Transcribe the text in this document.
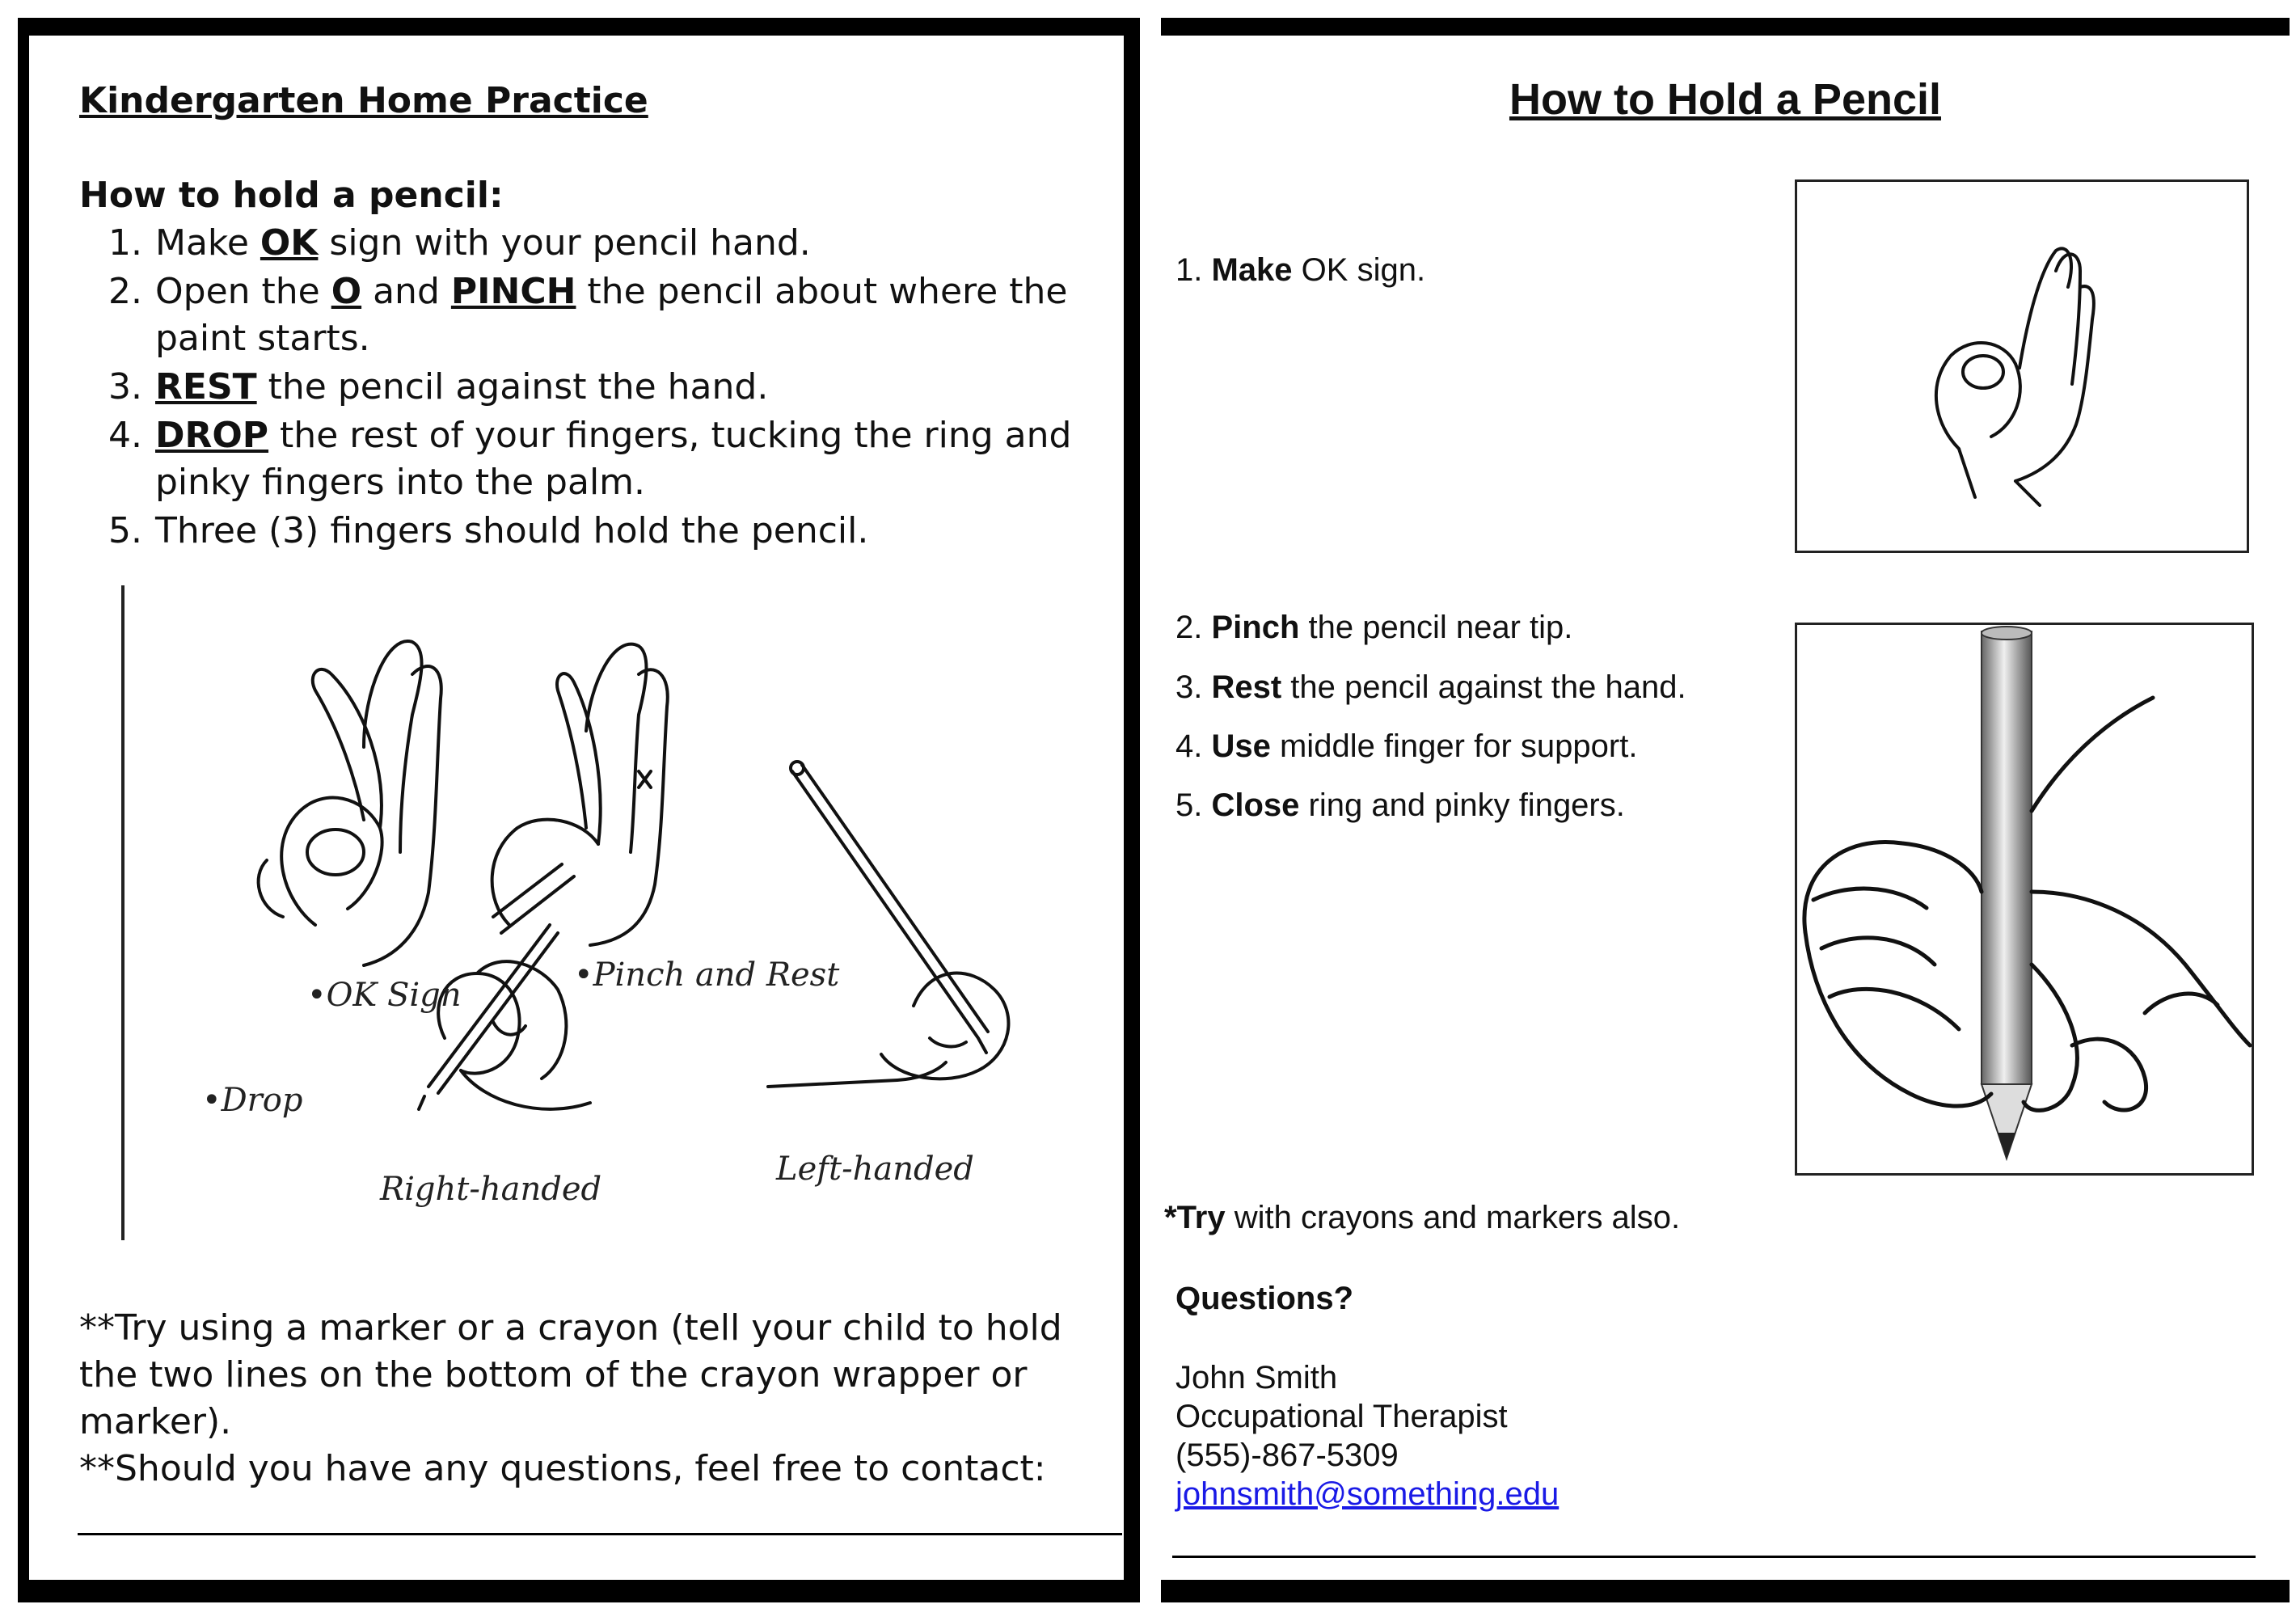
Kindergarten Home Practice
How to hold a pencil:
1. Make OK sign with your pencil hand.
2. Open the O and PINCH the pencil about where the paint starts.
3. REST the pencil against the hand.
4. DROP the rest of your fingers, tucking the ring and pinky fingers into the palm.
5. Three (3) fingers should hold the pencil.
•OK Sign
•Pinch and Rest
•Drop
Right-handed
Left-handed
**Try using a marker or a crayon (tell your child to hold the two lines on the bottom of the crayon wrapper or marker).
**Should you have any questions, feel free to contact:
How to Hold a Pencil
1. Make OK sign.
2. Pinch the pencil near tip.
3. Rest the pencil against the hand.
4. Use middle finger for support.
5. Close ring and pinky fingers.
*Try with crayons and markers also.
Questions?
John Smith
Occupational Therapist
(555)-867-5309
johnsmith@something.edu
